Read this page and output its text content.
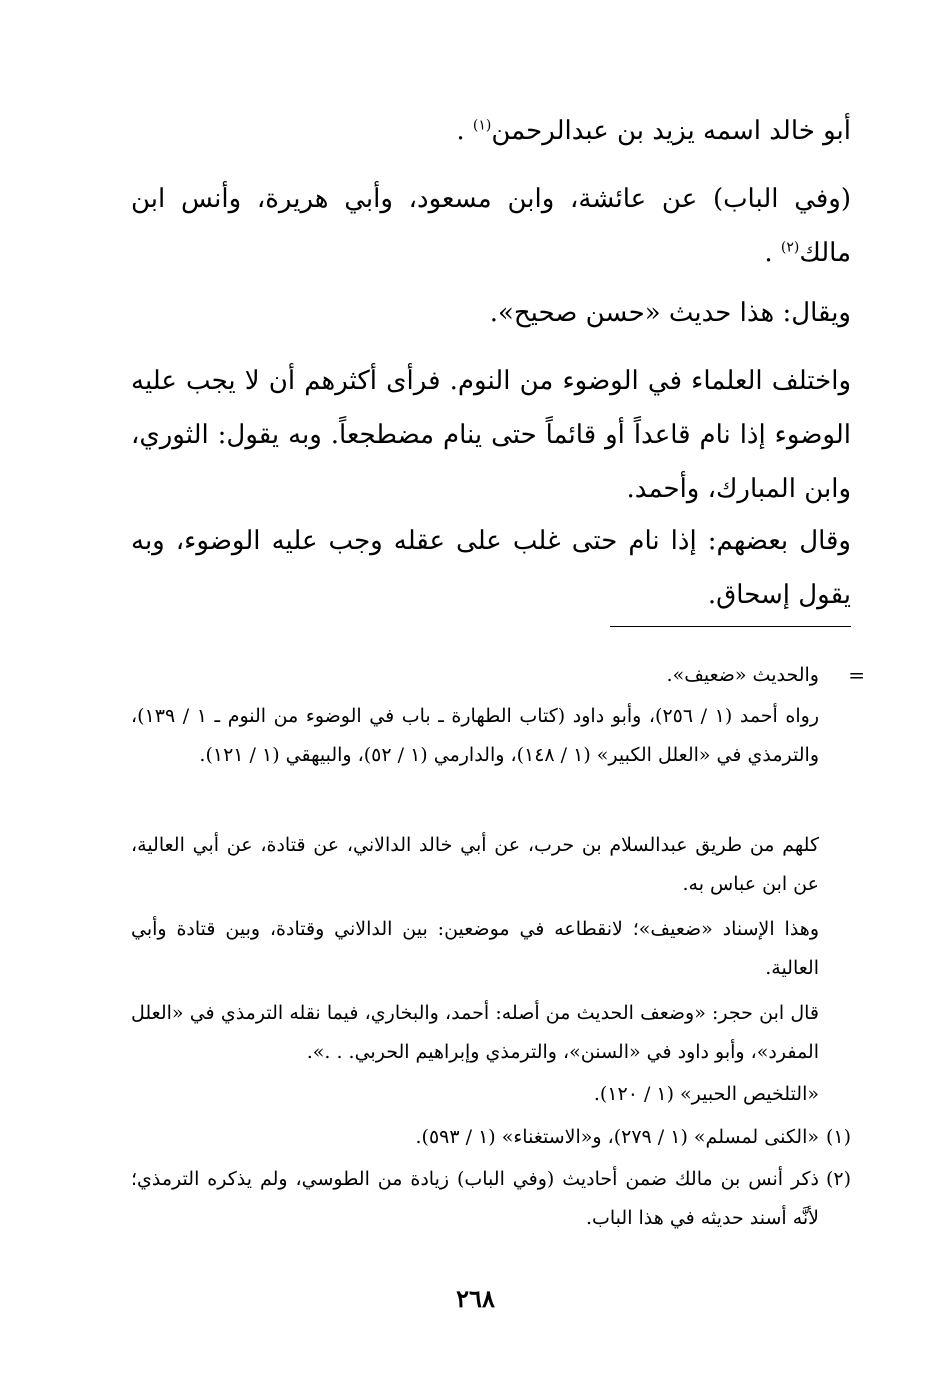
أبو خالد اسمه يزيد بن عبدالرحمن$^{(١)}$ .

(وفي الباب) عن عائشة، وابن مسعود، وأبي هريرة، وأنس ابن مالك$^{(٢)}$ .

ويقال: هذا حديث «حسن صحيح».

واختلف العلماء في الوضوء من النوم. فرأى أكثرهم أن لا يجب عليه الوضوء إذا نام قاعداً أو قائماً حتى ينام مضطجعاً. وبه يقول: الثوري، وابن المبارك، وأحمد.

وقال بعضهم: إذا نام حتى غلب على عقله وجب عليه الوضوء، وبه يقول إسحاق.

=

والحديث «ضعيف».

رواه أحمد (١ / ٢٥٦)، وأبو داود (كتاب الطهارة ـ باب في الوضوء من النوم ـ ١ / ١٣٩)، والترمذي في «العلل الكبير» (١ / ١٤٨)، والدارمي (١ / ٥٢)، والبيهقي (١ / ١٢١).

كلهم من طريق عبدالسلام بن حرب، عن أبي خالد الدالاني، عن قتادة، عن أبي العالية، عن ابن عباس به.

وهذا الإسناد «ضعيف»؛ لانقطاعه في موضعين: بين الدالاني وقتادة، وبين قتادة وأبي العالية.

قال ابن حجر: «وضعف الحديث من أصله: أحمد، والبخاري، فيما نقله الترمذي في «العلل المفرد»، وأبو داود في «السنن»، والترمذي وإبراهيم الحربي. . .».

«التلخيص الحبير» (١ / ١٢٠).

(١)

«الكنى لمسلم» (١ / ٢٧٩)، و«الاستغناء» (١ / ٥٩٣).

(٢)

ذكر أنس بن مالك ضمن أحاديث (وفي الباب) زيادة من الطوسي، ولم يذكره الترمذي؛ لأنَّه أسند حديثه في هذا الباب.

٢٦٨
